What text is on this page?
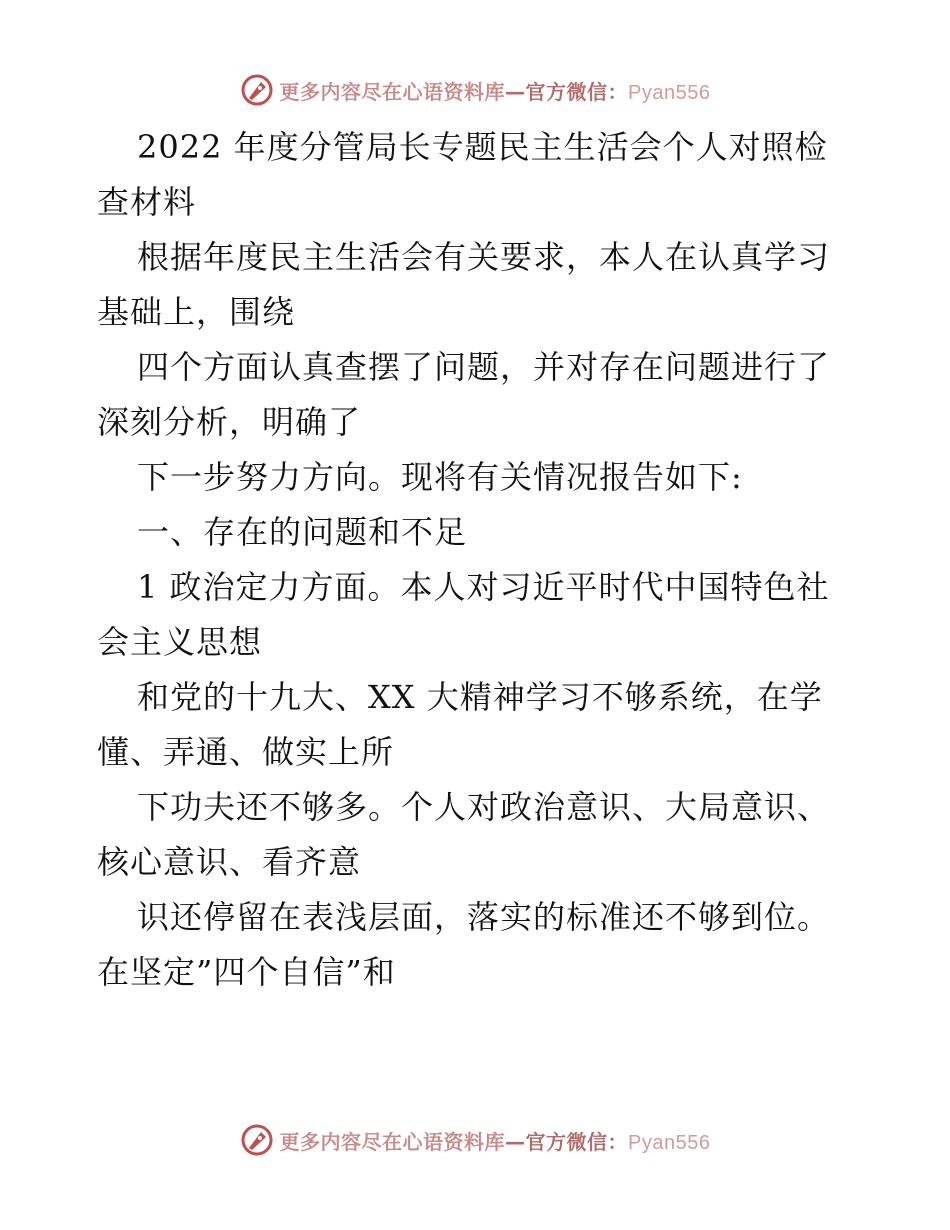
更多内容尽在心语资料库—官方微信：Pyan556
2022 年度分管局长专题民主生活会个人对照检
查材料
根据年度民主生活会有关要求，本人在认真学习
基础上，围绕
四个方面认真查摆了问题，并对存在问题进行了
深刻分析，明确了
下一步努力方向。现将有关情况报告如下:
一、存在的问题和不足
1 政治定力方面。本人对习近平时代中国特色社
会主义思想
和党的十九大、XX 大精神学习不够系统，在学
懂、弄通、做实上所
下功夫还不够多。个人对政治意识、大局意识、
核心意识、看齐意
识还停留在表浅层面，落实的标准还不够到位。
在坚定”四个自信”和
更多内容尽在心语资料库—官方微信：Pyan556
